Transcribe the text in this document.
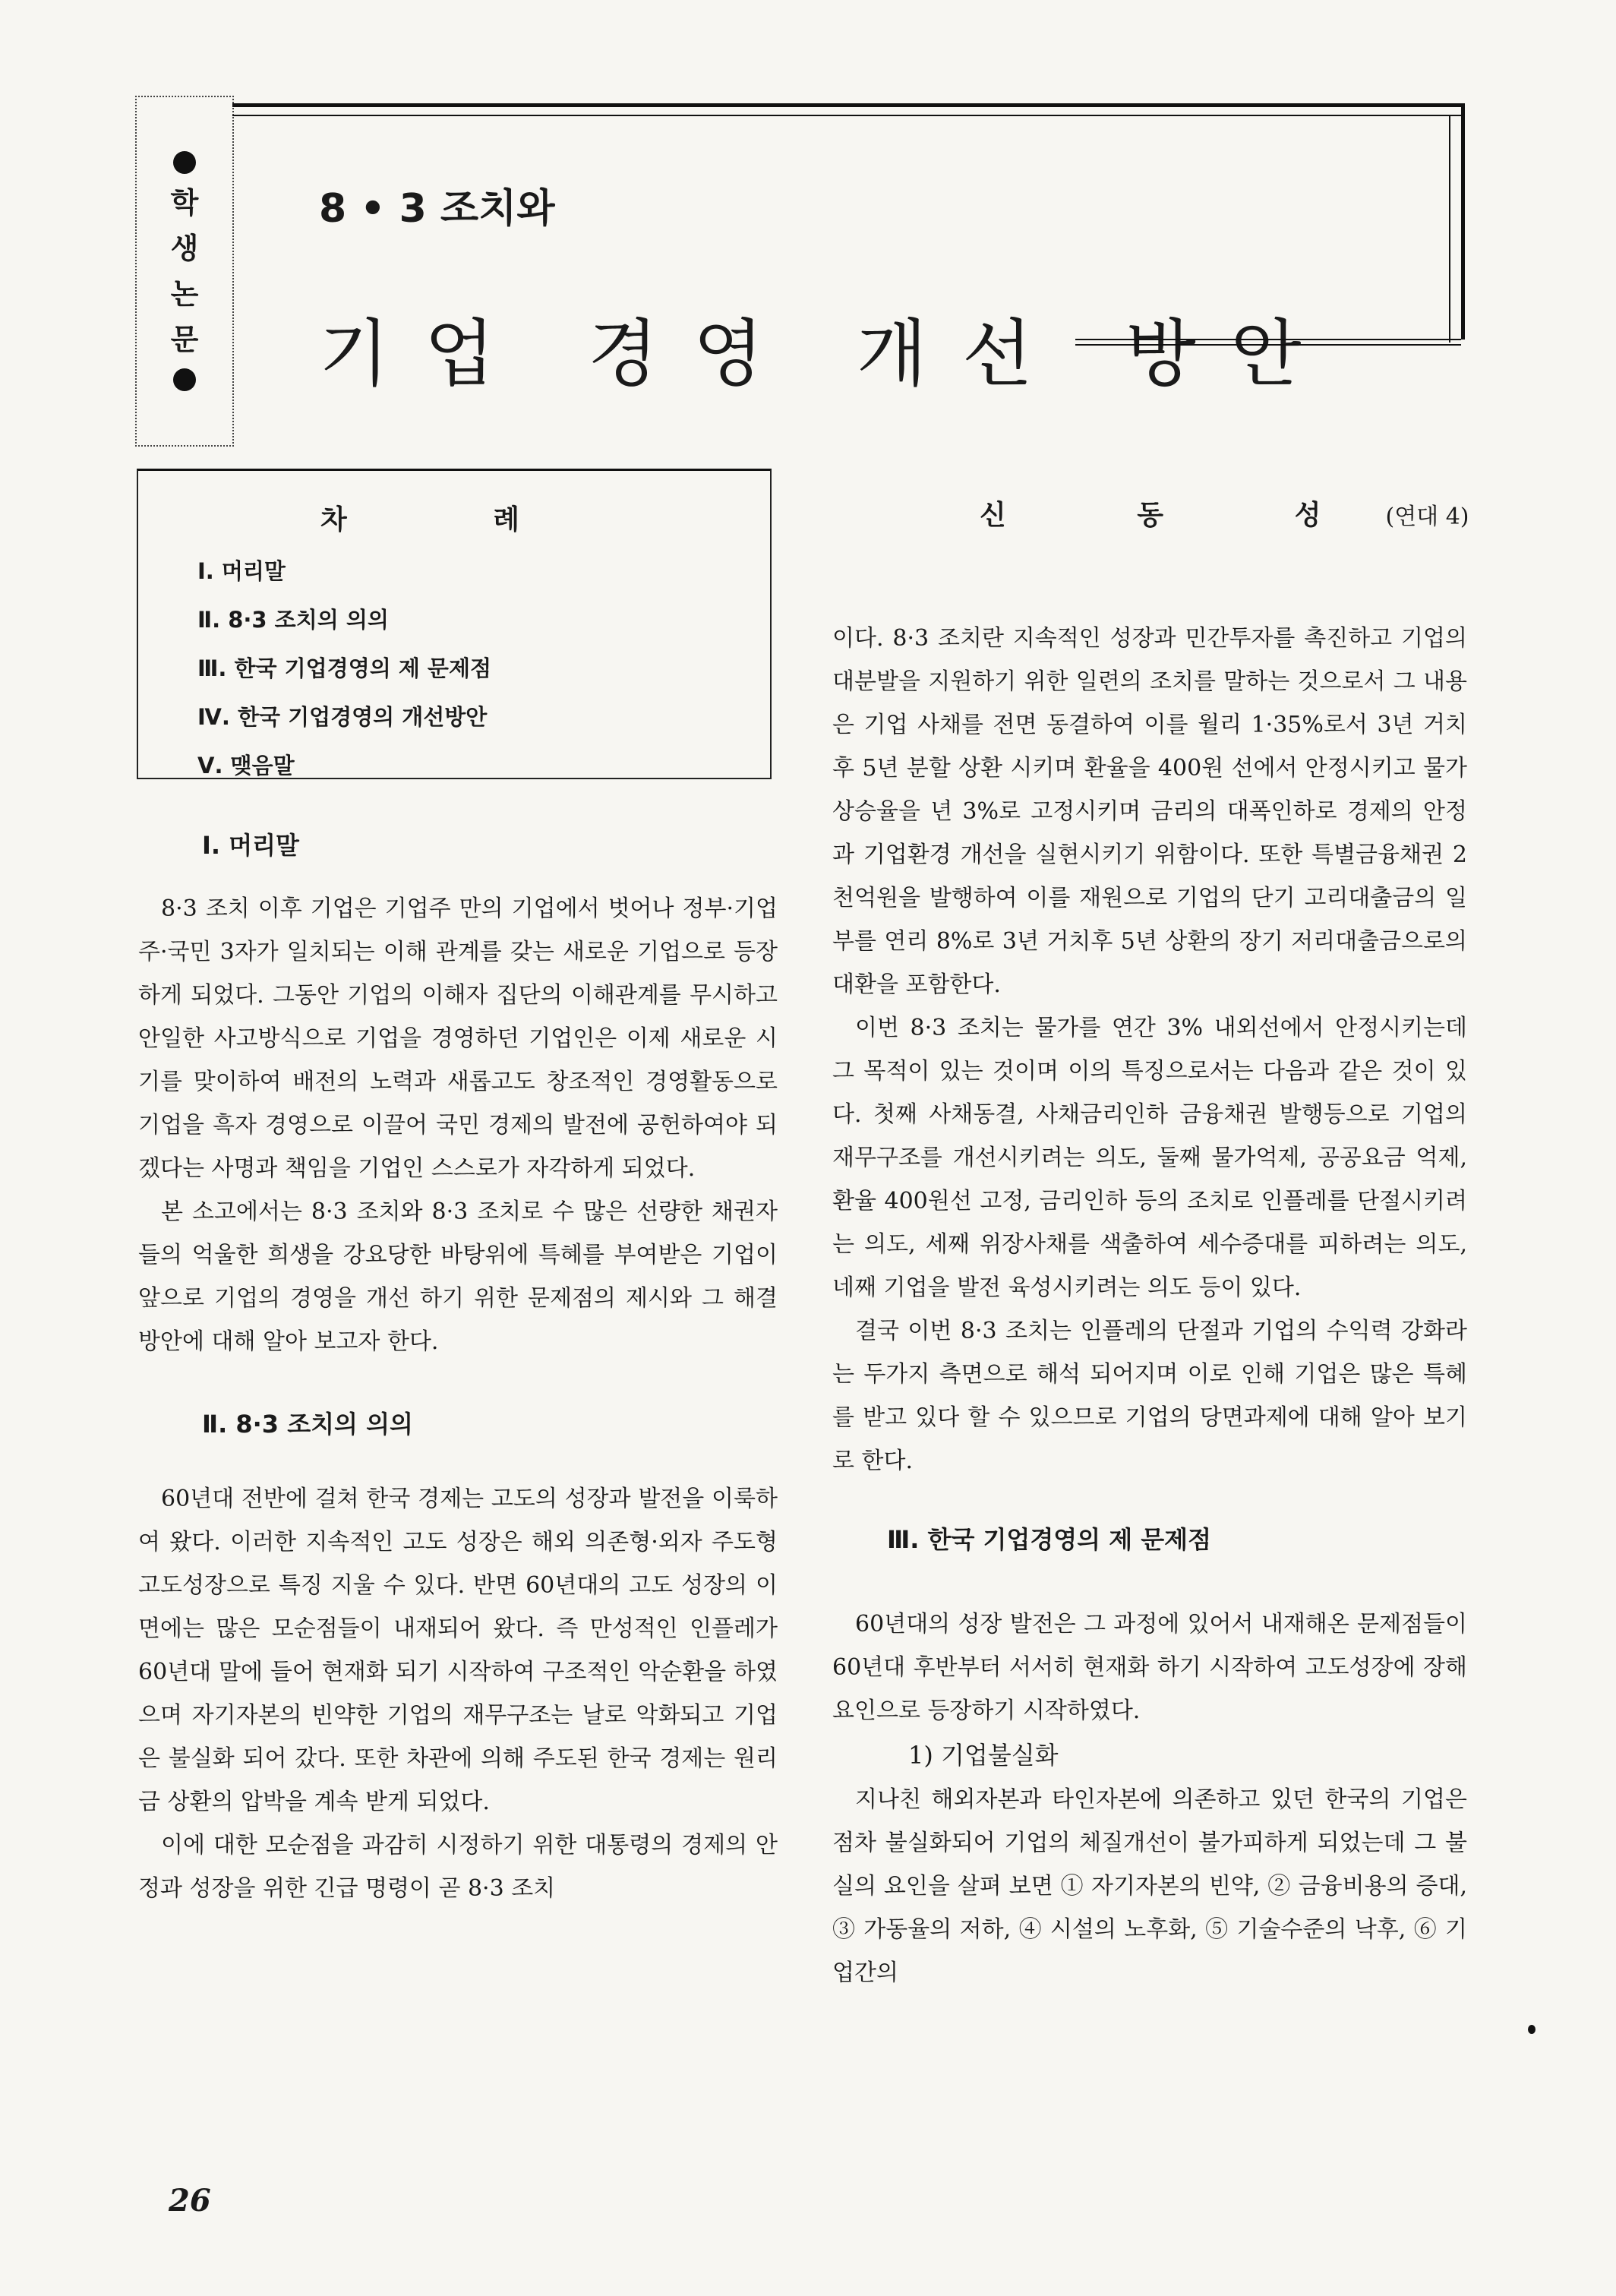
학
생
논
문
8 • 3 조치와
기업 경영 개선 방안
차 례
Ⅰ. 머리말
Ⅱ. 8·3 조치의 의의
Ⅲ. 한국 기업경영의 제 문제점
Ⅳ. 한국 기업경영의 개선방안
Ⅴ. 맺음말
신 동 성 (연대 4)
Ⅰ. 머리말

8·3 조치 이후 기업은 기업주 만의 기업에서 벗어나 정부·기업주·국민 3자가 일치되는 이해 관계를 갖는 새로운 기업으로 등장하게 되었다. 그동안 기업의 이해자 집단의 이해관계를 무시하고 안일한 사고방식으로 기업을 경영하던 기업인은 이제 새로운 시기를 맞이하여 배전의 노력과 새롭고도 창조적인 경영활동으로 기업을 흑자 경영으로 이끌어 국민 경제의 발전에 공헌하여야 되겠다는 사명과 책임을 기업인 스스로가 자각하게 되었다.

본 소고에서는 8·3 조치와 8·3 조치로 수 많은 선량한 채권자들의 억울한 희생을 강요당한 바탕위에 특혜를 부여받은 기업이 앞으로 기업의 경영을 개선 하기 위한 문제점의 제시와 그 해결 방안에 대해 알아 보고자 한다.

Ⅱ. 8·3 조치의 의의

60년대 전반에 걸쳐 한국 경제는 고도의 성장과 발전을 이룩하여 왔다. 이러한 지속적인 고도 성장은 해외 의존형·외자 주도형 고도성장으로 특징 지울 수 있다. 반면 60년대의 고도 성장의 이면에는 많은 모순점들이 내재되어 왔다. 즉 만성적인 인플레가 60년대 말에 들어 현재화 되기 시작하여 구조적인 악순환을 하였으며 자기자본의 빈약한 기업의 재무구조는 날로 악화되고 기업은 불실화 되어 갔다. 또한 차관에 의해 주도된 한국 경제는 원리금 상환의 압박을 계속 받게 되었다.

이에 대한 모순점을 과감히 시정하기 위한 대통령의 경제의 안정과 성장을 위한 긴급 명령이 곧 8·3 조치

이다. 8·3 조치란 지속적인 성장과 민간투자를 촉진하고 기업의 대분발을 지원하기 위한 일련의 조치를 말하는 것으로서 그 내용은 기업 사채를 전면 동결하여 이를 월리 1·35%로서 3년 거치후 5년 분할 상환 시키며 환율을 400원 선에서 안정시키고 물가 상승율을 년 3%로 고정시키며 금리의 대폭인하로 경제의 안정과 기업환경 개선을 실현시키기 위함이다. 또한 특별금융채권 2천억원을 발행하여 이를 재원으로 기업의 단기 고리대출금의 일부를 연리 8%로 3년 거치후 5년 상환의 장기 저리대출금으로의 대환을 포함한다.

이번 8·3 조치는 물가를 연간 3% 내외선에서 안정시키는데 그 목적이 있는 것이며 이의 특징으로서는 다음과 같은 것이 있다. 첫째 사채동결, 사채금리인하 금융채권 발행등으로 기업의 재무구조를 개선시키려는 의도, 둘째 물가억제, 공공요금 억제, 환율 400원선 고정, 금리인하 등의 조치로 인플레를 단절시키려는 의도, 세째 위장사채를 색출하여 세수증대를 피하려는 의도, 네째 기업을 발전 육성시키려는 의도 등이 있다.

결국 이번 8·3 조치는 인플레의 단절과 기업의 수익력 강화라는 두가지 측면으로 해석 되어지며 이로 인해 기업은 많은 특혜를 받고 있다 할 수 있으므로 기업의 당면과제에 대해 알아 보기로 한다.

Ⅲ. 한국 기업경영의 제 문제점

60년대의 성장 발전은 그 과정에 있어서 내재해온 문제점들이 60년대 후반부터 서서히 현재화 하기 시작하여 고도성장에 장해 요인으로 등장하기 시작하였다.

1) 기업불실화

지나친 해외자본과 타인자본에 의존하고 있던 한국의 기업은 점차 불실화되어 기업의 체질개선이 불가피하게 되었는데 그 불실의 요인을 살펴 보면 ① 자기자본의 빈약, ② 금융비용의 증대, ③ 가동율의 저하, ④ 시설의 노후화, ⑤ 기술수준의 낙후, ⑥ 기업간의

26
